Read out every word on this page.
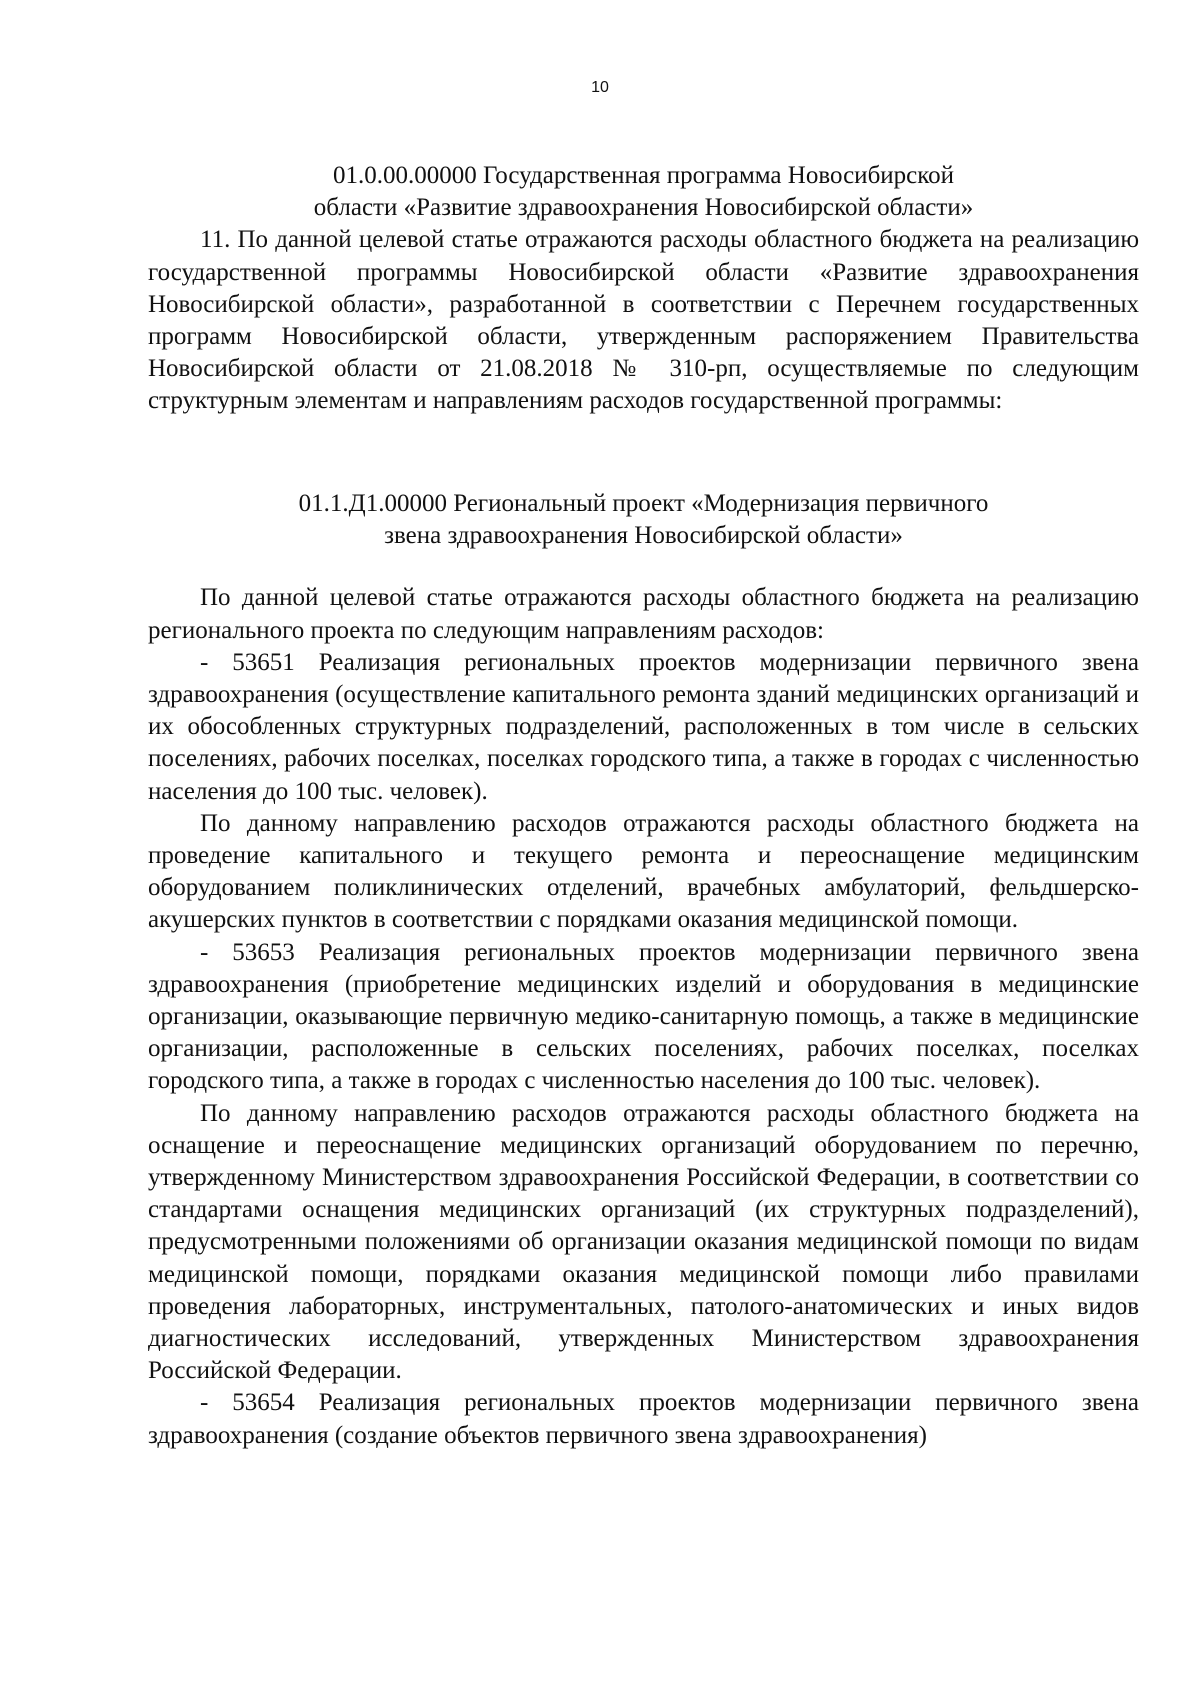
10

01.0.00.00000 Государственная программа Новосибирской
области «Развитие здравоохранения Новосибирской области»

11. По данной целевой статье отражаются расходы областного бюджета на реализацию государственной программы Новосибирской области «Развитие здравоохранения Новосибирской области», разработанной в соответствии с Перечнем государственных программ Новосибирской области, утвержденным распоряжением Правительства Новосибирской области от 21.08.2018 № 310-рп, осуществляемые по следующим структурным элементам и направлениям расходов государственной программы:

01.1.Д1.00000 Региональный проект «Модернизация первичного
звена здравоохранения Новосибирской области»

По данной целевой статье отражаются расходы областного бюджета на реализацию регионального проекта по следующим направлениям расходов:

- 53651 Реализация региональных проектов модернизации первичного звена здравоохранения (осуществление капитального ремонта зданий медицинских организаций и их обособленных структурных подразделений, расположенных в том числе в сельских поселениях, рабочих поселках, поселках городского типа, а также в городах с численностью населения до 100 тыс. человек).

По данному направлению расходов отражаются расходы областного бюджета на проведение капитального и текущего ремонта и переоснащение медицинским оборудованием поликлинических отделений, врачебных амбулаторий, фельдшерско-акушерских пунктов в соответствии с порядками оказания медицинской помощи.

- 53653 Реализация региональных проектов модернизации первичного звена здравоохранения (приобретение медицинских изделий и оборудования в медицинские организации, оказывающие первичную медико-санитарную помощь, а также в медицинские организации, расположенные в сельских поселениях, рабочих поселках, поселках городского типа, а также в городах с численностью населения до 100 тыс. человек).

По данному направлению расходов отражаются расходы областного бюджета на оснащение и переоснащение медицинских организаций оборудованием по перечню, утвержденному Министерством здравоохранения Российской Федерации, в соответствии со стандартами оснащения медицинских организаций (их структурных подразделений), предусмотренными положениями об организации оказания медицинской помощи по видам медицинской помощи, порядками оказания медицинской помощи либо правилами проведения лабораторных, инструментальных, патолого-анатомических и иных видов диагностических исследований, утвержденных Министерством здравоохранения Российской Федерации.

- 53654 Реализация региональных проектов модернизации первичного звена здравоохранения (создание объектов первичного звена здравоохранения)
